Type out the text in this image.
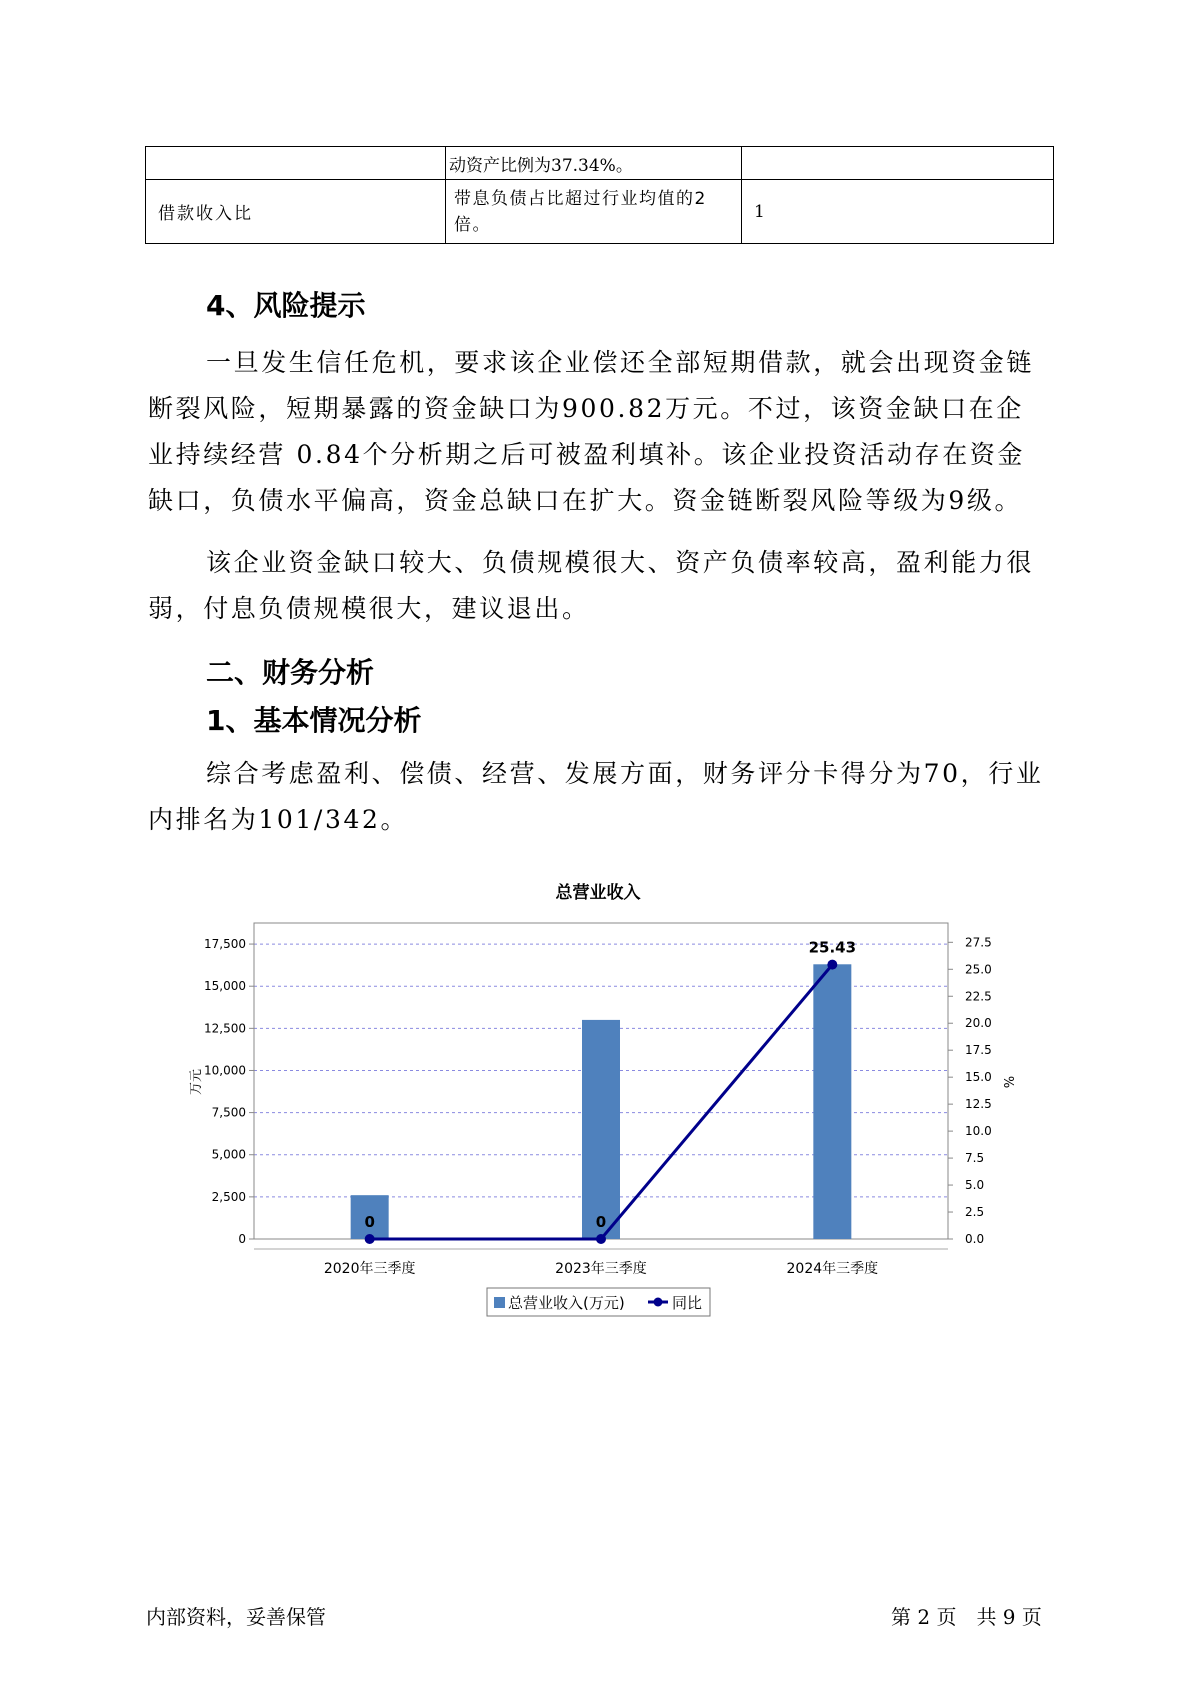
	动资产比例为37.34%。	
借款收入比	带息负债占比超过行业均值的2倍。	1
4、风险提示
一旦发生信任危机，要求该企业偿还全部短期借款，就会出现资金链断裂风险，短期暴露的资金缺口为900.82万元。不过，该资金缺口在企业持续经营 0.84个分析期之后可被盈利填补。该企业投资活动存在资金缺口，负债水平偏高，资金总缺口在扩大。资金链断裂风险等级为9级。
该企业资金缺口较大、负债规模很大、资产负债率较高，盈利能力很弱，付息负债规模很大，建议退出。
二、财务分析
1、基本情况分析
综合考虑盈利、偿债、经营、发展方面，财务评分卡得分为70，行业内排名为101/342。
总营业收入
0
2,500
5,000
7,500
10,000
12,500
15,000
17,500
0.0
2.5
5.0
7.5
10.0
12.5
15.0
17.5
20.0
22.5
25.0
27.5
0	0
25.43
2020年三季度	2023年三季度	2024年三季度
万元	%
总营业收入(万元)	同比
内部资料，妥善保管	第 2 页　共 9 页
